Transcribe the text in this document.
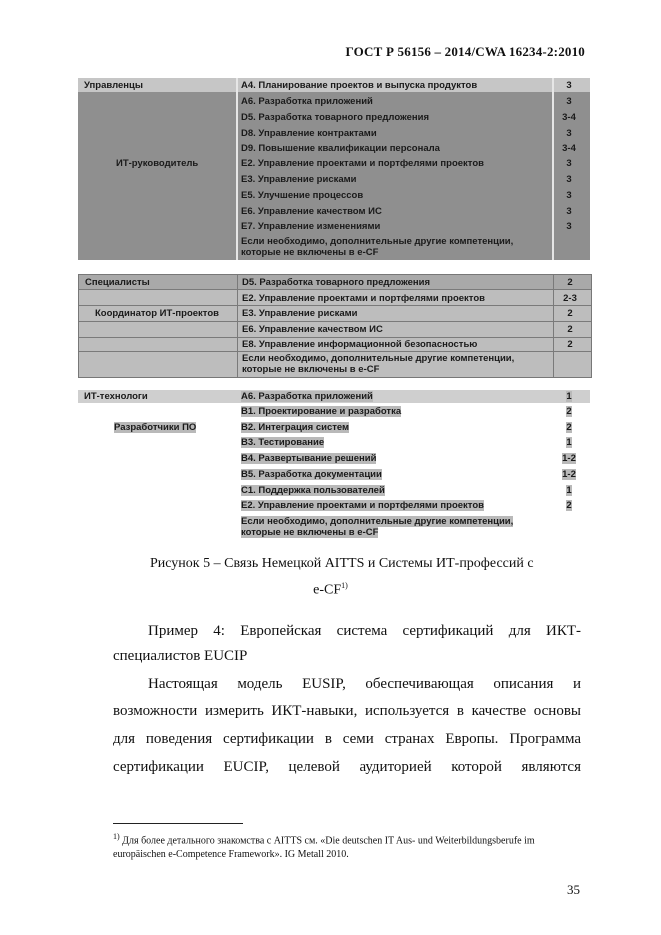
ГОСТ Р 56156 – 2014/CWA 16234-2:2010
Управленцы	A4. Планирование проектов и выпуска продуктов	3
A6. Разработка приложений	3
D5. Разработка товарного предложения	3-4
D8. Управление контрактами	3
D9. Повышение квалификации персонала	3-4
ИТ-руководитель	E2. Управление проектами и портфелями проектов	3
E3. Управление рисками	3
E5. Улучшение процессов	3
E6. Управление качеством ИС	3
E7. Управление изменениями	3
Если необходимо, дополнительные другие компетенции,
которые не включены в e-CF
Специалисты	D5. Разработка товарного предложения	2
E2. Управление проектами и портфелями проектов	2-3
Координатор ИТ-проектов E3. Управление рисками	2
E6. Управление качеством ИС	2
E8. Управление информационной безопасностью	2
Если необходимо, дополнительные другие компетенции,
которые не включены в e-CF
ИТ-технологи	A6. Разработка приложений	1
B1. Проектирование и разработка	2
Разработчики ПО	B2. Интеграция систем	2
B3. Тестирование	1
B4. Развертывание решений	1-2
B5. Разработка документации	1-2
C1. Поддержка пользователей	1
E2. Управление проектами и портфелями проектов	2
Если необходимо, дополнительные другие компетенции,
которые не включены в e-CF
Рисунок 5 – Связь Немецкой AITTS и Системы ИТ-профессий с
e-CF$^{1)}$
Пример 4: Европейская система сертификаций для ИКТ-
специалистов EUCIP
Настоящая модель EUSIP, обеспечивающая описания и
возможности измерить ИКТ-навыки, используется в качестве основы
для поведения сертификации в семи странах Европы. Программа
сертификации EUCIP, целевой аудиторией которой являются
$^{1)}$ Для более детального знакомства с AITTS см. «Die deutschen IT Aus- und Weiterbildungsberufe im
europäischen e-Competence Framework». IG Metall 2010.
35
